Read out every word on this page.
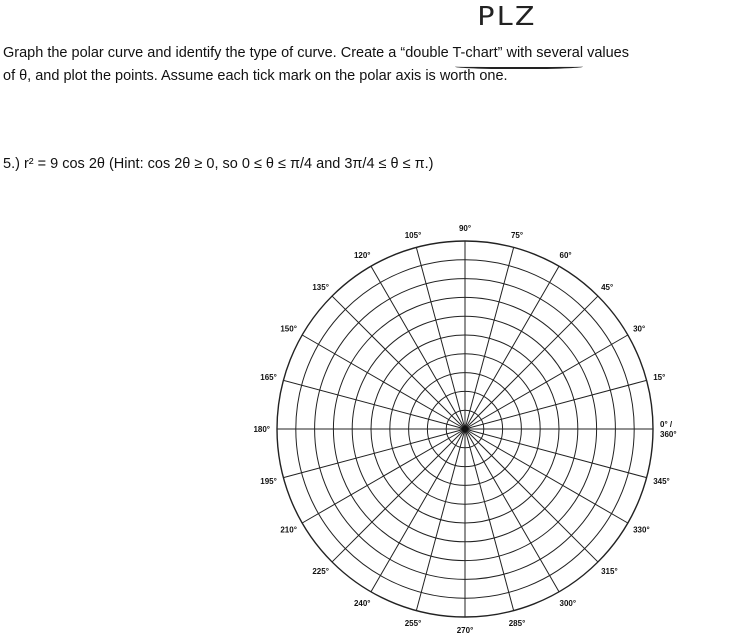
PLZ
Graph the polar curve and identify the type of curve. Create a “double T-chart” with several values
of θ, and plot the points. Assume each tick mark on the polar axis is worth one.
5.) r² = 9 cos 2θ (Hint: cos 2θ ≥ 0, so 0 ≤ θ ≤ π/4 and 3π/4 ≤ θ ≤ π.)
0° /
360°
15°
30°
45°
60°
75°
90°
105°
120°
135°
150°
165°
180°
195°
210°
225°
240°
255°
270°
285°
300°
315°
330°
345°
